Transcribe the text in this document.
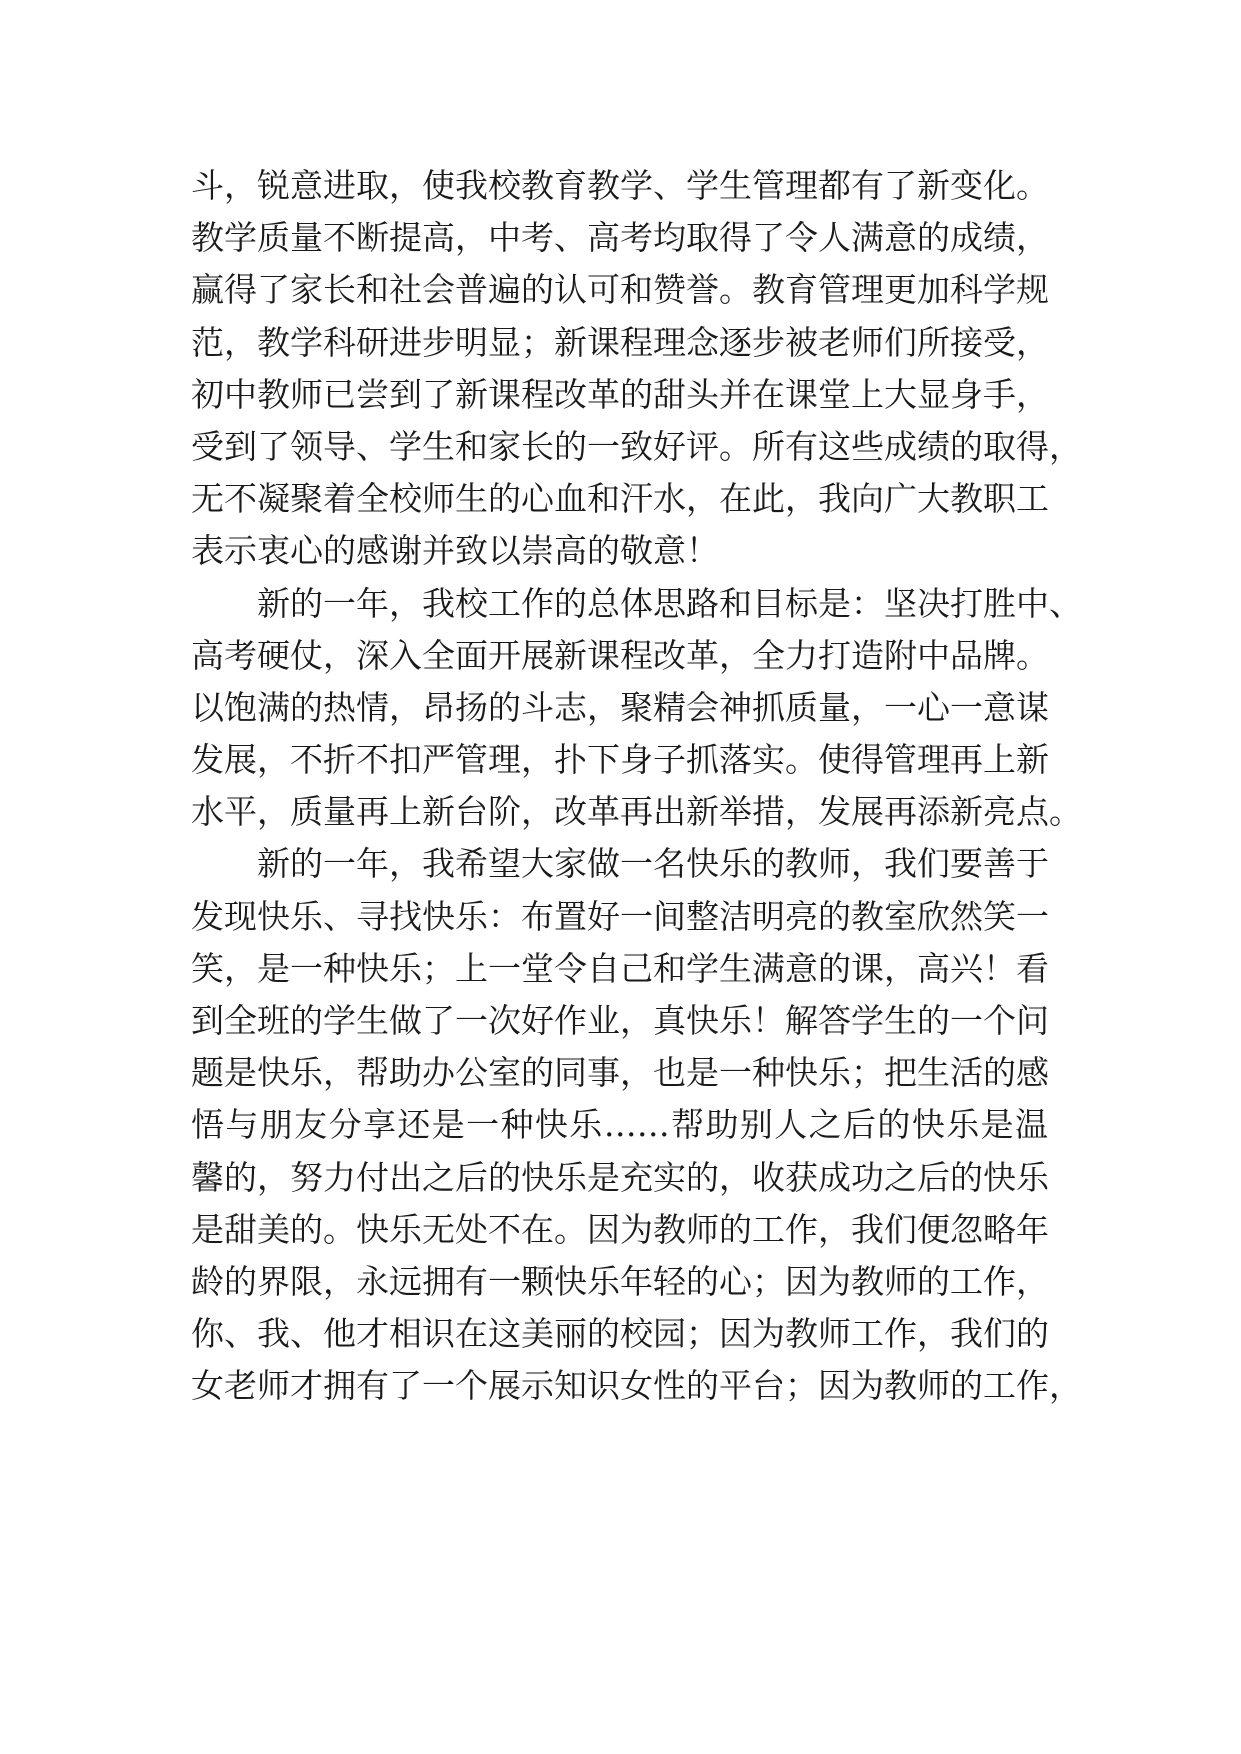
斗，锐意进取，使我校教育教学、学生管理都有了新变化。
教学质量不断提高，中考、高考均取得了令人满意的成绩，
赢得了家长和社会普遍的认可和赞誉。教育管理更加科学规
范，教学科研进步明显；新课程理念逐步被老师们所接受，
初中教师已尝到了新课程改革的甜头并在课堂上大显身手，
受到了领导、学生和家长的一致好评。所有这些成绩的取得，
无不凝聚着全校师生的心血和汗水，在此，我向广大教职工
表示衷心的感谢并致以崇高的敬意！
新的一年，我校工作的总体思路和目标是：坚决打胜中、
高考硬仗，深入全面开展新课程改革，全力打造附中品牌。
以饱满的热情，昂扬的斗志，聚精会神抓质量，一心一意谋
发展，不折不扣严管理，扑下身子抓落实。使得管理再上新
水平，质量再上新台阶，改革再出新举措，发展再添新亮点。
新的一年，我希望大家做一名快乐的教师，我们要善于
发现快乐、寻找快乐：布置好一间整洁明亮的教室欣然笑一
笑，是一种快乐；上一堂令自己和学生满意的课，高兴！看
到全班的学生做了一次好作业，真快乐！解答学生的一个问
题是快乐，帮助办公室的同事，也是一种快乐；把生活的感
悟与朋友分享还是一种快乐……帮助别人之后的快乐是温
馨的，努力付出之后的快乐是充实的，收获成功之后的快乐
是甜美的。快乐无处不在。因为教师的工作，我们便忽略年
龄的界限，永远拥有一颗快乐年轻的心；因为教师的工作，
你、我、他才相识在这美丽的校园；因为教师工作，我们的
女老师才拥有了一个展示知识女性的平台；因为教师的工作，
